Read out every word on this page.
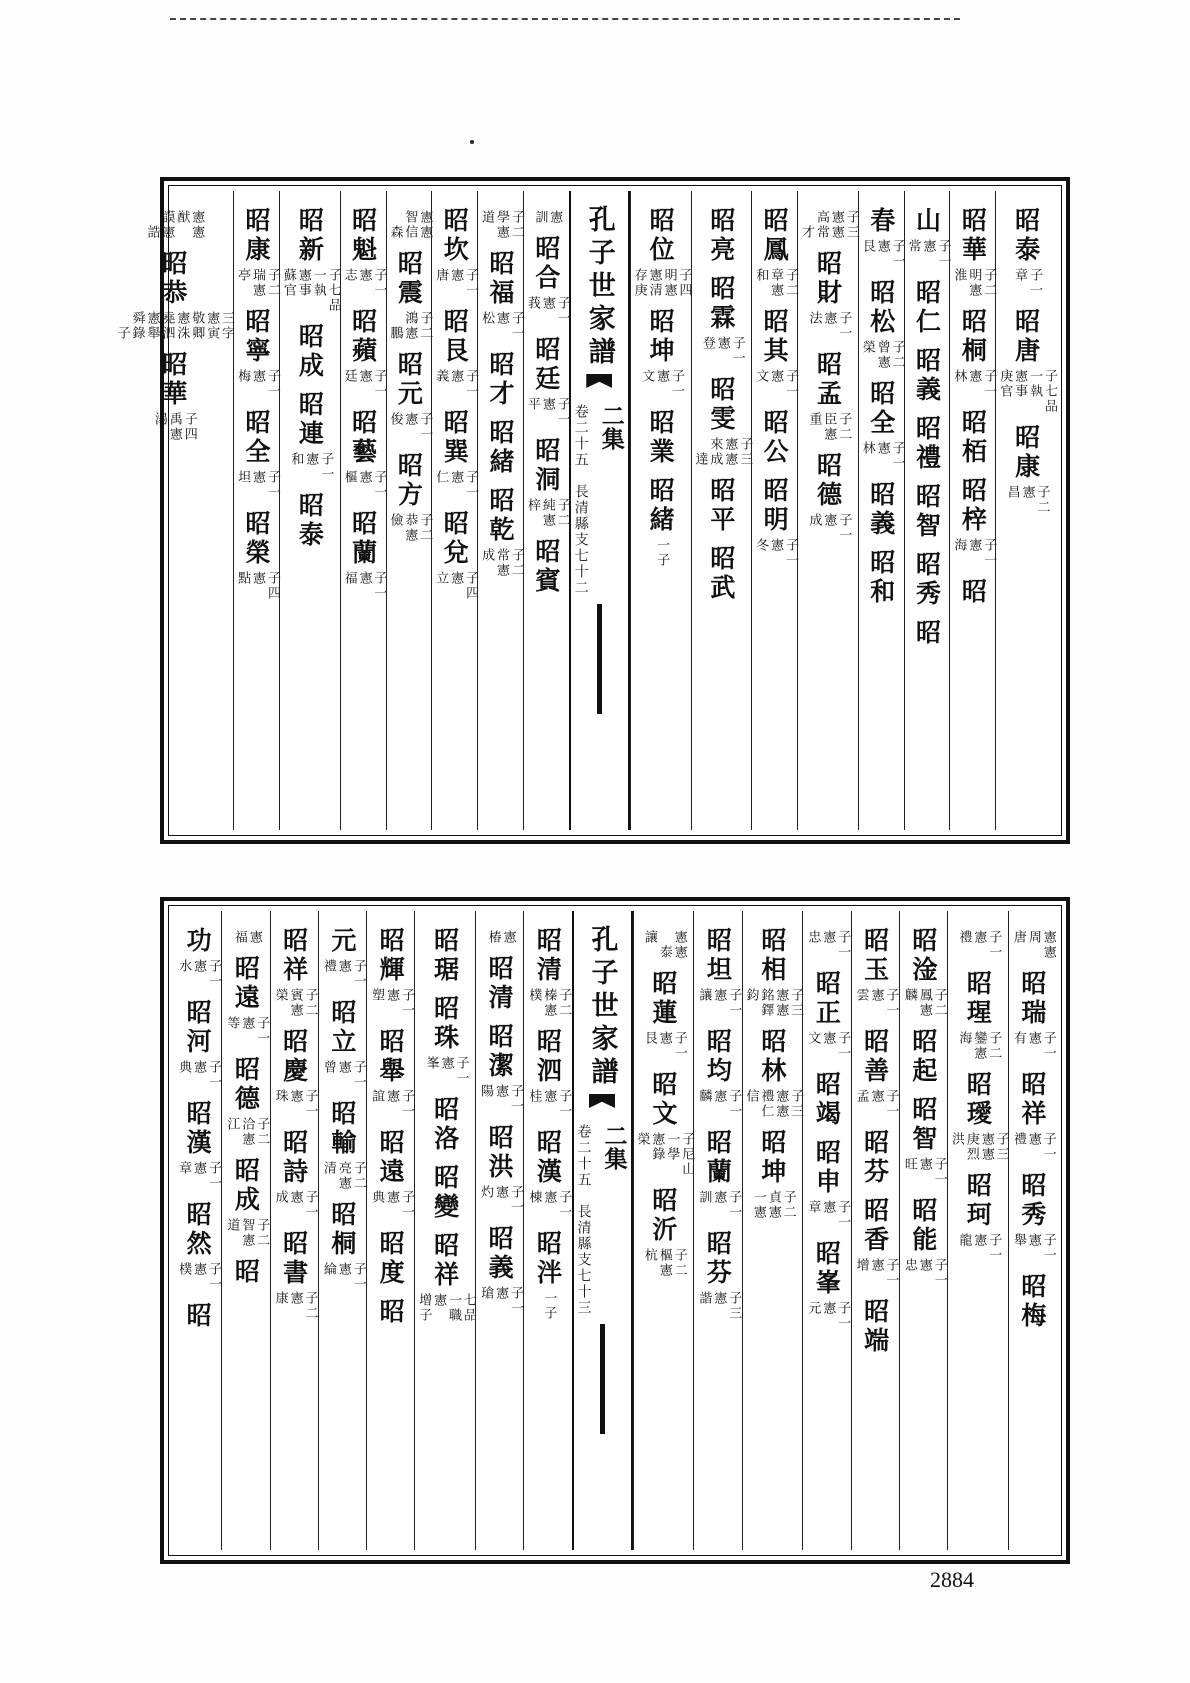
昭泰
子一
章　
昭唐
子七品
一執
憲事
庚官
昭康
子二
憲
昌
昭華
子二
明憲
淮
昭桐
子一
憲
林
昭栢
昭梓
子一
憲
海
昭
山
子一
憲
常
昭仁
昭義
昭禮
昭智
昭秀
昭
春
子一
憲
艮
昭松
子二
曾憲
榮
昭全
子一
憲
林
昭義
昭和
子三
憲憲
高常
　才
昭財
子一
憲
法
昭孟
子二
臣憲
重
昭德
子一
憲
成
昭鳳
子二
章憲
和
昭其
子一
憲
文
昭公
昭明
子一
憲
冬
昭亮
昭霖
子一
憲
登
昭雯
子三
憲憲
來成
　達
昭平
昭武
昭位
子四
明憲
憲清
存庚
昭坤
子一
憲
文
昭業
昭緒
一子
孔子世家譜
二集
卷二十五　長清縣支
七十二
憲
訓
昭合
子一
憲
莪
昭廷
子一
憲
平
昭洞
子二
純憲
梓
昭賓
子二
學憲
道
昭福
子一
憲
松
昭才
昭緒
昭乾
子二
常憲
成
昭坎
子一
憲
唐
昭艮
子一
憲
義
昭巽
子一
憲
仁
昭兌
子四
憲
立
憲憲
智信
　森
昭震
子二
鴻憲
　鵬
昭元
子一
憲
俊
昭方
子二
恭憲
儉
昭魁
子一
憲
志
昭蘋
子一
憲
廷
昭藝
子一
憲
樞
昭蘭
子一
憲
福
昭新
子七品
一執
憲事
蘇官
昭成
昭連
子一
憲
和
昭泰
昭康
子二
瑞憲
亭
昭寧
子一
憲
梅
昭全
子一
憲
坦
昭榮
子四
憲
點
憲憲
猷
謨憲
　誥
昭恭
三字
憲寅
敬卿
憲洙
堯泗
憲舉
舜錄
　子
昭華
子四
禹憲
湯
憲憲
周
唐
昭瑞
子一
憲
有
昭祥
子一
憲
禮
昭秀
子一
憲
舉
昭梅
子一
憲
禮
昭瑆
子二
鑾憲
海
昭璦
子三
憲憲
庚烈
洪
昭珂
子一
憲
龍
昭淦
子二
鳳憲
麟
昭起
昭智
子一
憲
旺
昭能
子一
憲
忠
昭玉
子一
憲
雲
昭善
子一
憲
孟
昭芬
昭香
子一
憲
增
昭端
子一
憲
忠
昭正
子一
憲
文
昭竭
昭申
子一
憲
章
昭峯
子一
憲
元
昭相
子三
憲憲
銘鐸
鈞
昭林
子三
憲憲
禮仁
信
昭坤
子二
貞憲
一憲
昭坦
子一
憲
讓
昭均
子一
憲
麟
昭蘭
子一
憲
訓
昭芬
子三
憲
諧
憲憲
　泰
讓
昭蓮
子一
憲
艮
昭文
子尼山
一學
憲錄
榮
昭沂
子二
樞憲
杭
孔子世家譜
二集
卷二十五　長清縣支
七十三
昭清
子二
榛憲
樸
昭泗
子一
憲
桂
昭漢
子一
憲
棟
昭泮
一子
憲
椿
昭清
昭潔
子一
憲
陽
昭洪
子一
憲
灼
昭義
子一
憲
瑲
昭琚
昭珠
子一
憲
峯
昭洛
昭變
昭祥
七品
一職
憲
增子
昭輝
子一
憲
塑
昭舉
子一
憲
誼
昭遠
子一
憲
典
昭度
昭
元
子一
憲
禮
昭立
子一
憲
曾
昭輸
子二
亮憲
清
昭桐
子一
憲
綸
昭祥
子二
賓憲
榮
昭慶
子一
憲
珠
昭詩
子一
憲
成
昭書
子二
憲
康
憲
福
昭遠
子一
憲
等
昭德
子二
洽憲
江
昭成
子二
智憲
道
昭
功
子一
憲
水
昭河
子一
憲
典
昭漢
子一
憲
章
昭然
子一
憲
樸
昭
2884
